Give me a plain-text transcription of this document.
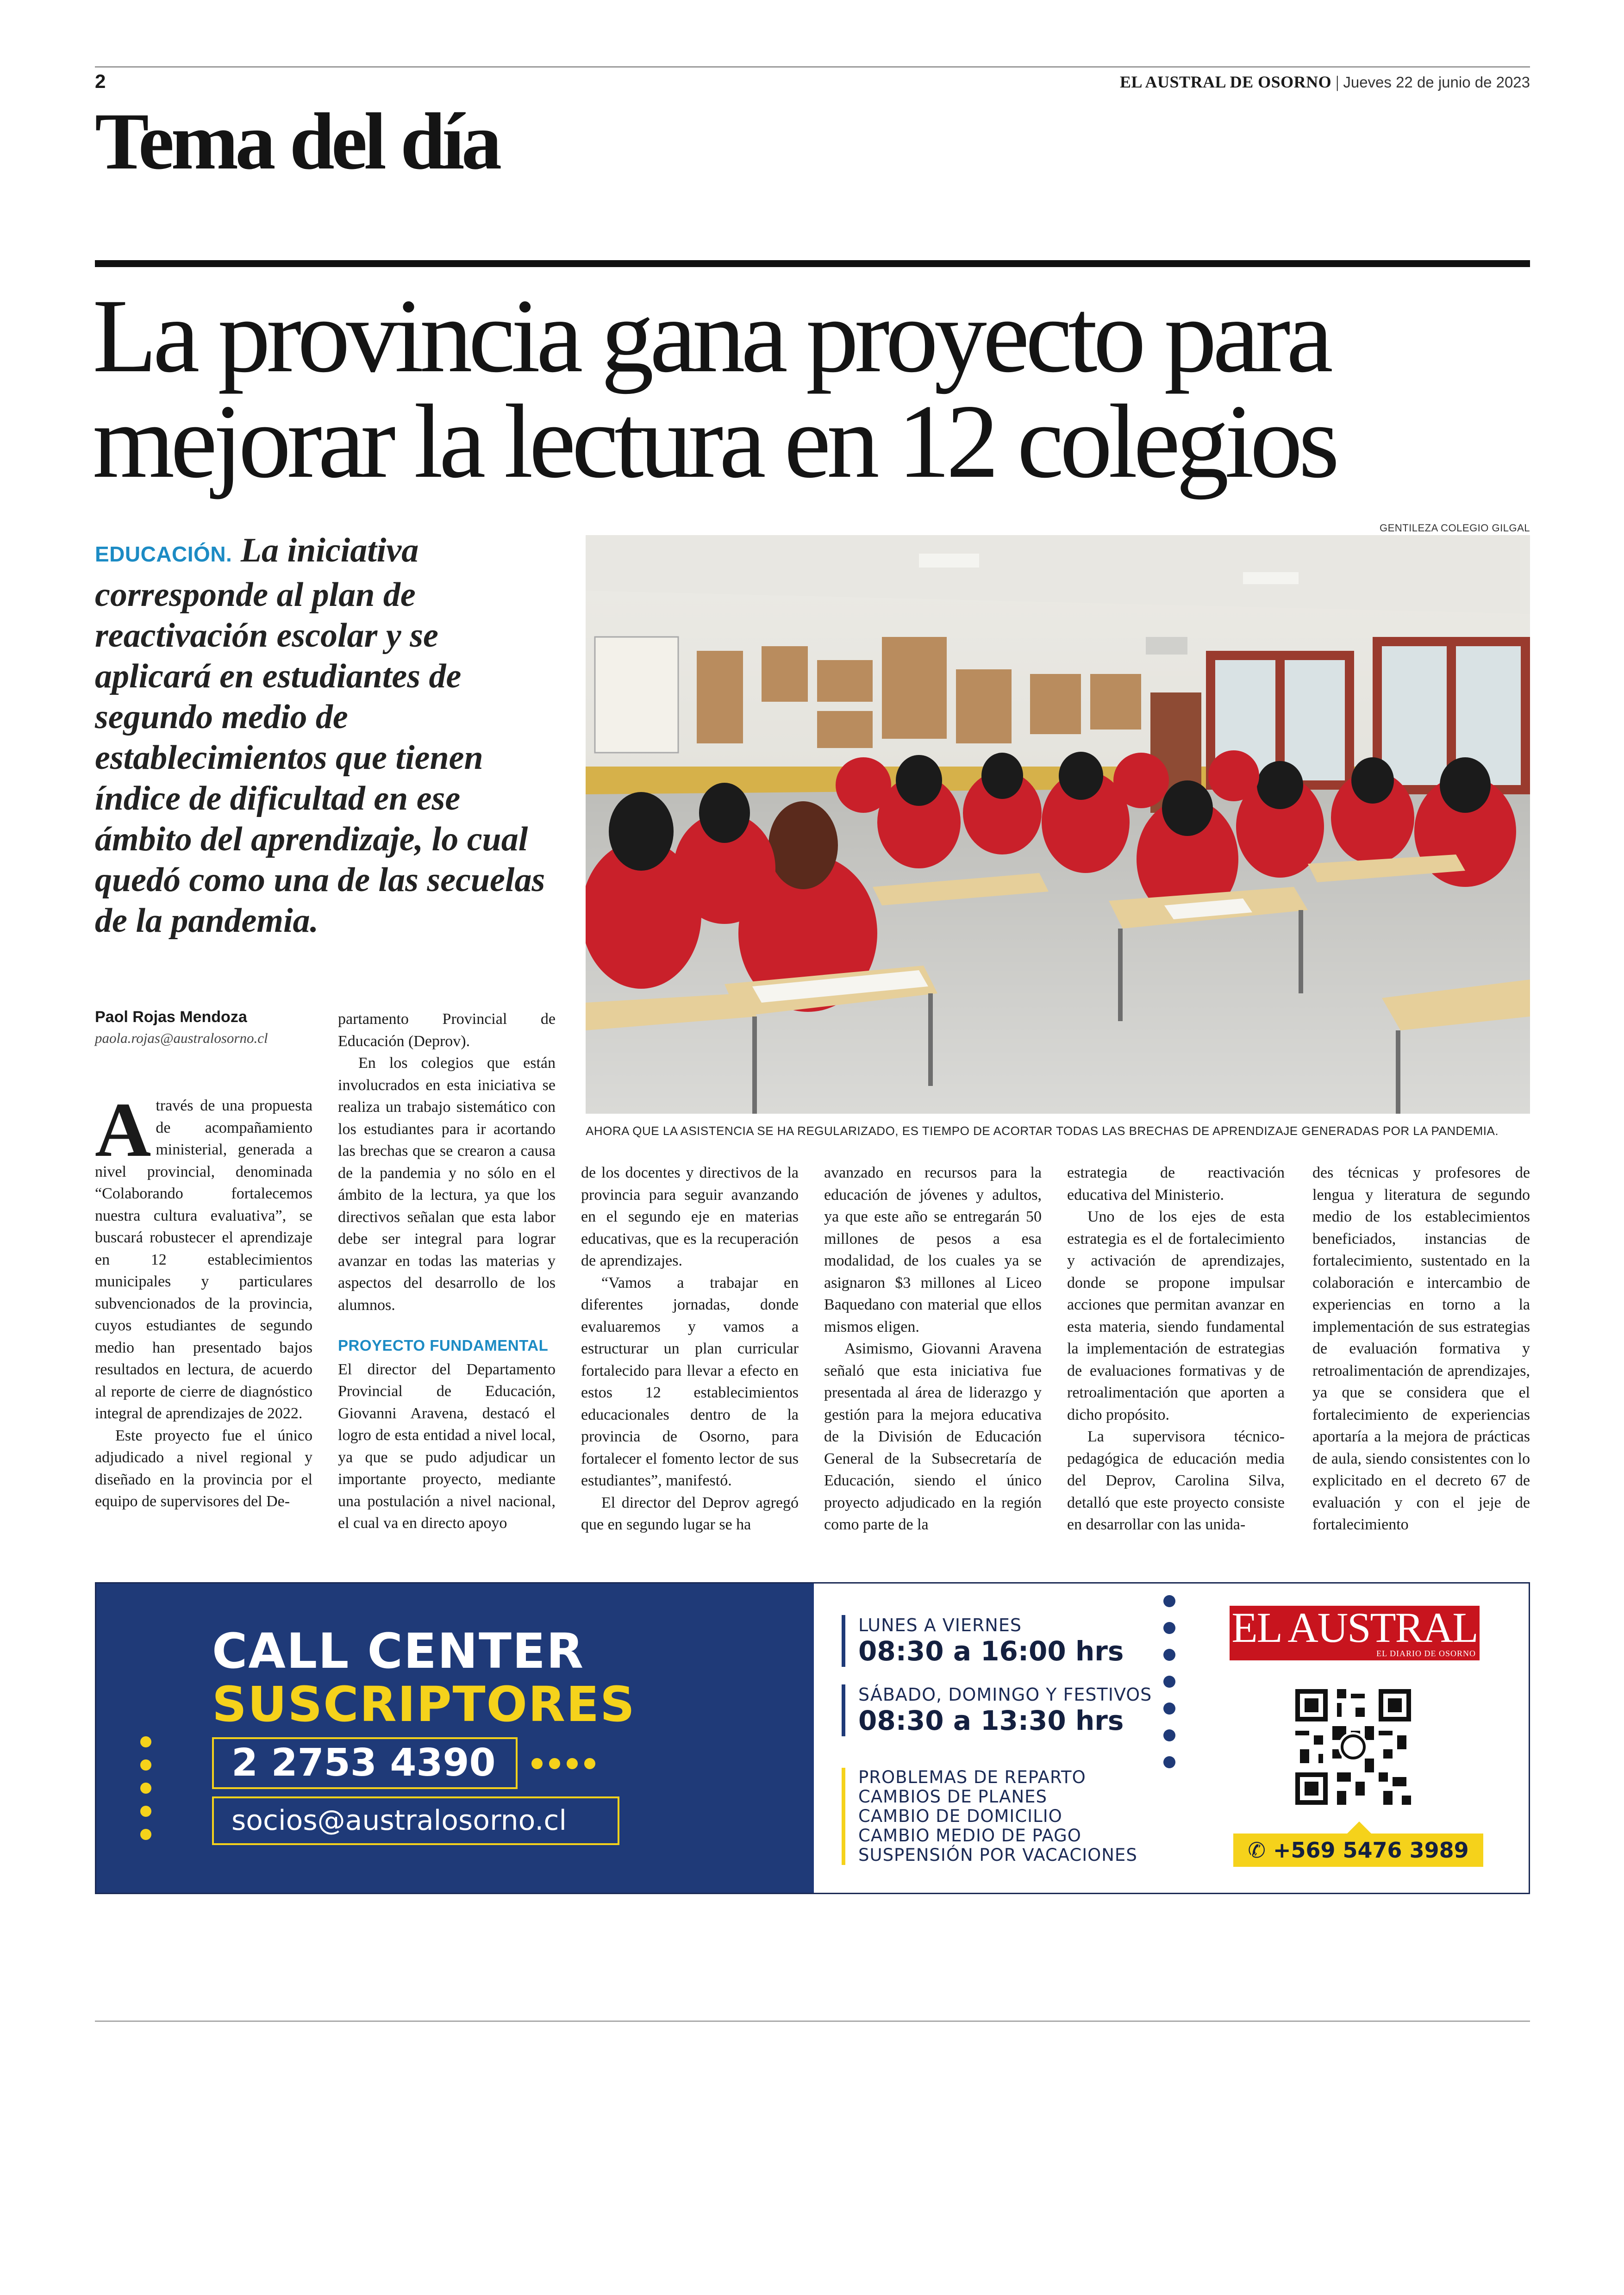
2	EL AUSTRAL DE OSORNO | Jueves 22 de junio de 2023
Tema del día
La provincia gana proyecto para
mejorar la lectura en 12 colegios

EDUCACIÓN. La iniciativa corresponde al plan de reactivación escolar y se aplicará en estudiantes de segundo medio de establecimientos que tienen índice de dificultad en ese ámbito del aprendizaje, lo cual quedó como una de las secuelas de la pandemia.

GENTILEZA COLEGIO GILGAL
AHORA QUE LA ASISTENCIA SE HA REGULARIZADO, ES TIEMPO DE ACORTAR TODAS LAS BRECHAS DE APRENDIZAJE GENERADAS POR LA PANDEMIA.
Paol Rojas Mendoza
paola.rojas@australosorno.cl

Através de una propuesta de acompañamiento ministerial, generada a nivel provincial, denominada “Colaborando fortalecemos nuestra cultura evaluativa”, se buscará robustecer el aprendizaje en 12 establecimientos municipales y particulares subvencionados de la provincia, cuyos estudiantes de segundo medio han presentado bajos resultados en lectura, de acuerdo al reporte de cierre de diagnóstico integral de aprendizajes de 2022.

Este proyecto fue el único adjudicado a nivel regional y diseñado en la provincia por el equipo de supervisores del De-

partamento Provincial de Educación (Deprov).

En los colegios que están involucrados en esta iniciativa se realiza un trabajo sistemático con los estudiantes para ir acortando las brechas que se crearon a causa de la pandemia y no sólo en el ámbito de la lectura, ya que los directivos señalan que esta labor debe ser integral para lograr avanzar en todas las materias y aspectos del desarrollo de los alumnos.

PROYECTO FUNDAMENTAL

El director del Departamento Provincial de Educación, Giovanni Aravena, destacó el logro de esta entidad a nivel local, ya que se pudo adjudicar un importante proyecto, mediante una postulación a nivel nacional, el cual va en directo apoyo

de los docentes y directivos de la provincia para seguir avanzando en el segundo eje en materias educativas, que es la recuperación de aprendizajes.

“Vamos a trabajar en diferentes jornadas, donde evaluaremos y vamos a estructurar un plan curricular fortalecido para llevar a efecto en estos 12 establecimientos educacionales dentro de la provincia de Osorno, para fortalecer el fomento lector de sus estudiantes”, manifestó.

El director del Deprov agregó que en segundo lugar se ha

avanzado en recursos para la educación de jóvenes y adultos, ya que este año se entregarán 50 millones de pesos a esa modalidad, de los cuales ya se asignaron $3 millones al Liceo Baquedano con material que ellos mismos eligen.

Asimismo, Giovanni Aravena señaló que esta iniciativa fue presentada al área de liderazgo y gestión para la mejora educativa de la División de Educación General de la Subsecretaría de Educación, siendo el único proyecto adjudicado en la región como parte de la

estrategia de reactivación educativa del Ministerio.

Uno de los ejes de esta estrategia es el de fortalecimiento y activación de aprendizajes, donde se propone impulsar acciones que permitan avanzar en esta materia, siendo fundamental la implementación de estrategias de evaluaciones formativas y de retroalimentación que aporten a dicho propósito.

La supervisora técnico-pedagógica de educación media del Deprov, Carolina Silva, detalló que este proyecto consiste en desarrollar con las unida-

des técnicas y profesores de lengua y literatura de segundo medio de los establecimientos beneficiados, instancias de fortalecimiento, sustentado en la colaboración e intercambio de experiencias en torno a la implementación de sus estrategias de evaluación formativa y retroalimentación de aprendizajes, ya que se considera que el fortalecimiento de experiencias aportaría a la mejora de prácticas de aula, siendo consistentes con lo explicitado en el decreto 67 de evaluación y con el jeje de fortalecimiento

CALL CENTER
SUSCRIPTORES
2 2753 4390
socios@australosorno.cl
LUNES A VIERNES
08:30 a 16:00 hrs
SÁBADO, DOMINGO Y FESTIVOS
08:30 a 13:30 hrs
PROBLEMAS DE REPARTO
CAMBIOS DE PLANES
CAMBIO DE DOMICILIO
CAMBIO MEDIO DE PAGO
SUSPENSIÓN POR VACACIONES
EL AUSTRAL
EL DIARIO DE OSORNO
✆ +569 5476 3989
